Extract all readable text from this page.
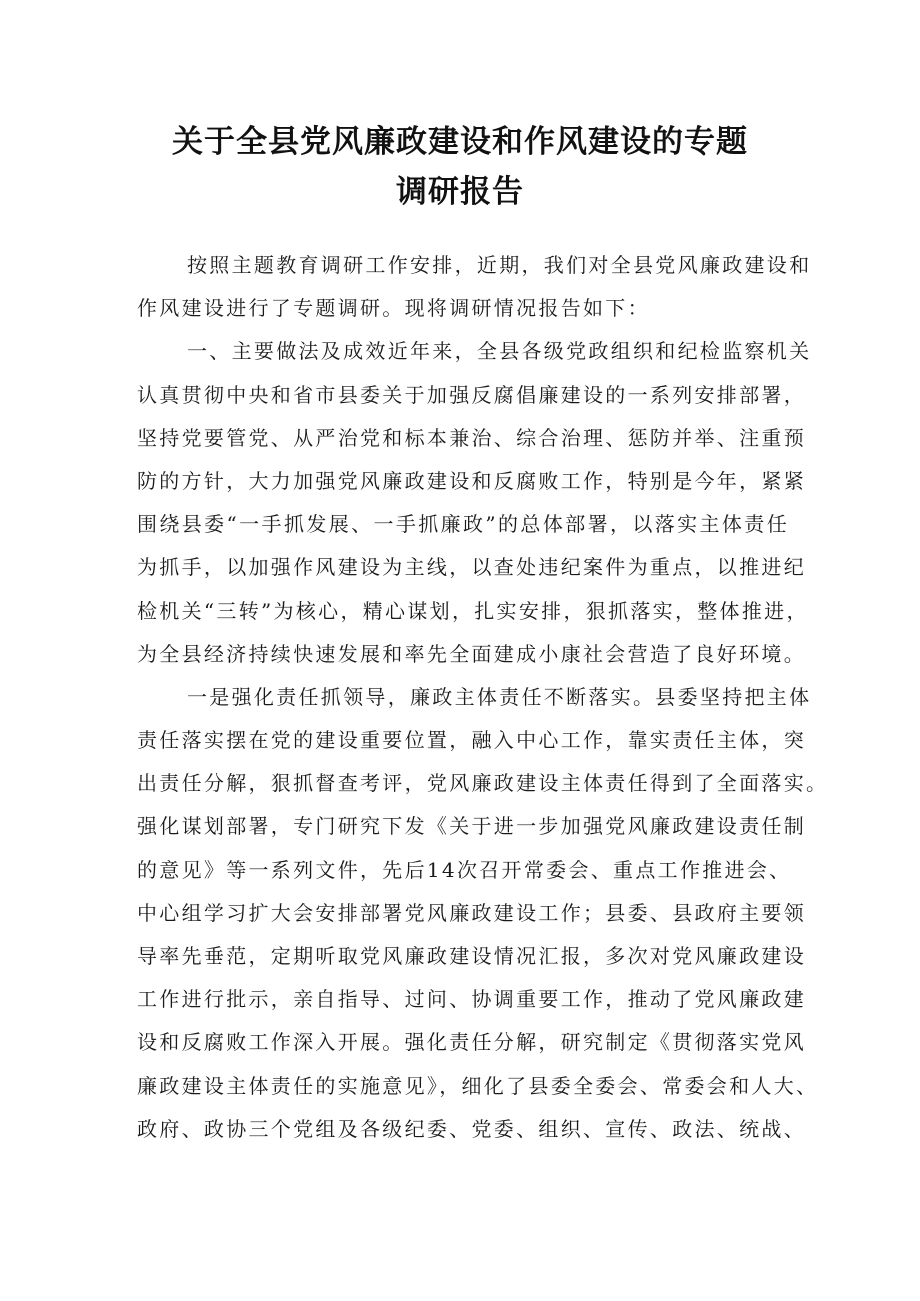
关于全县党风廉政建设和作风建设的专题
调研报告
按照主题教育调研工作安排，近期，我们对全县党风廉政建设和
作风建设进行了专题调研。现将调研情况报告如下：
一、主要做法及成效近年来，全县各级党政组织和纪检监察机关
认真贯彻中央和省市县委关于加强反腐倡廉建设的一系列安排部署，
坚持党要管党、从严治党和标本兼治、综合治理、惩防并举、注重预
防的方针，大力加强党风廉政建设和反腐败工作，特别是今年，紧紧
围绕县委“一手抓发展、一手抓廉政”的总体部署，以落实主体责任
为抓手，以加强作风建设为主线，以查处违纪案件为重点，以推进纪
检机关“三转”为核心，精心谋划，扎实安排，狠抓落实，整体推进，
为全县经济持续快速发展和率先全面建成小康社会营造了良好环境。
一是强化责任抓领导，廉政主体责任不断落实。县委坚持把主体
责任落实摆在党的建设重要位置，融入中心工作，靠实责任主体，突
出责任分解，狠抓督查考评，党风廉政建设主体责任得到了全面落实。
强化谋划部署，专门研究下发《关于进一步加强党风廉政建设责任制
的意见》等一系列文件，先后14次召开常委会、重点工作推进会、
中心组学习扩大会安排部署党风廉政建设工作；县委、县政府主要领
导率先垂范，定期听取党风廉政建设情况汇报，多次对党风廉政建设
工作进行批示，亲自指导、过问、协调重要工作，推动了党风廉政建
设和反腐败工作深入开展。强化责任分解，研究制定《贯彻落实党风
廉政建设主体责任的实施意见》，细化了县委全委会、常委会和人大、
政府、政协三个党组及各级纪委、党委、组织、宣传、政法、统战、
